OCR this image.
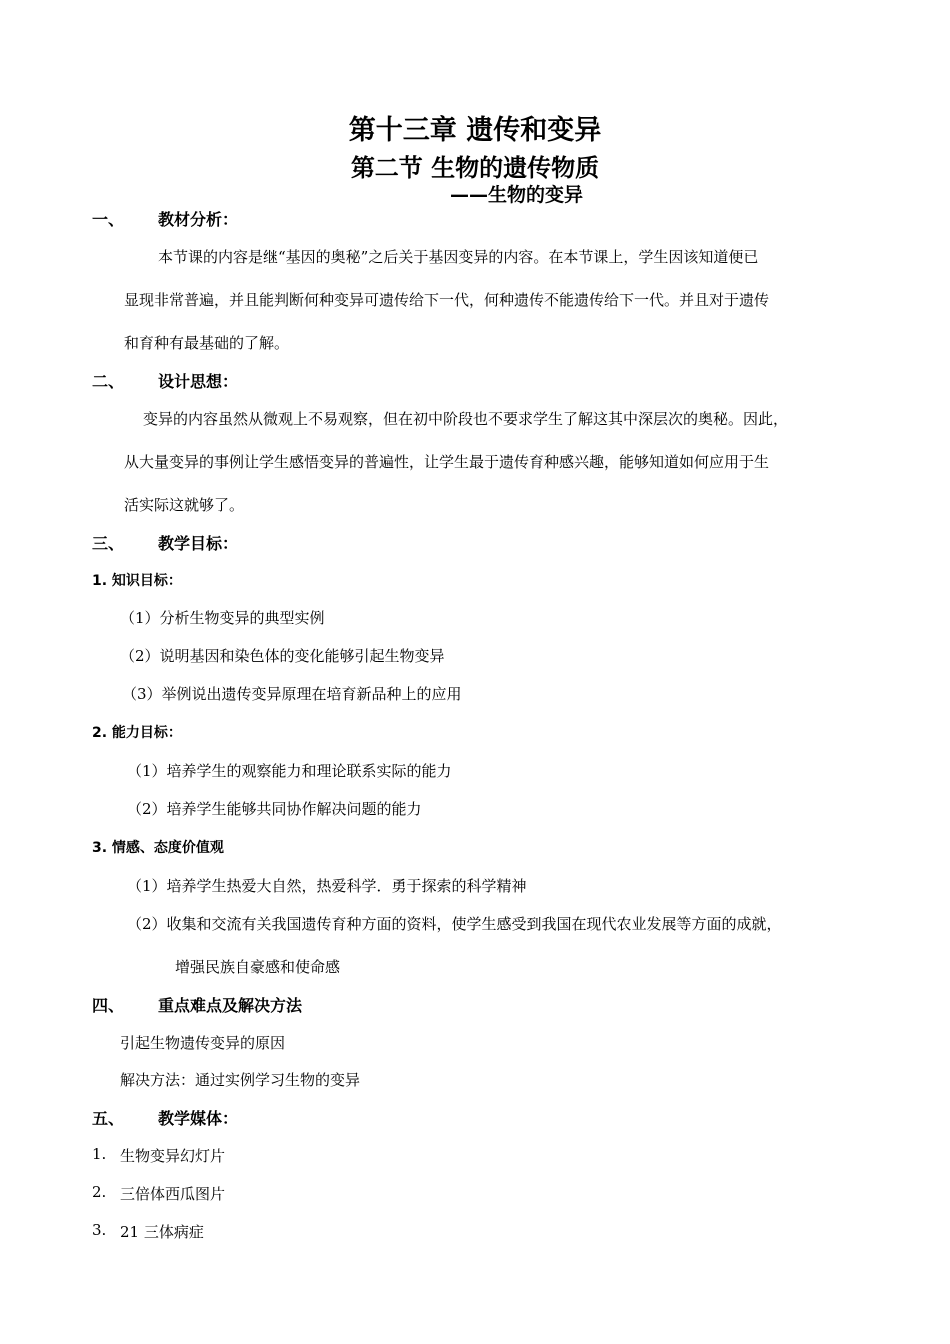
第十三章 遗传和变异
第二节 生物的遗传物质
——生物的变异
一、 教材分析：
本节课的内容是继“基因的奥秘”之后关于基因变异的内容。在本节课上，学生因该知道便已
显现非常普遍，并且能判断何种变异可遗传给下一代，何种遗传不能遗传给下一代。并且对于遗传
和育种有最基础的了解。
二、 设计思想：
变异的内容虽然从微观上不易观察，但在初中阶段也不要求学生了解这其中深层次的奥秘。因此，
从大量变异的事例让学生感悟变异的普遍性，让学生最于遗传育种感兴趣，能够知道如何应用于生
活实际这就够了。
三、 教学目标：
1. 知识目标：
（1）分析生物变异的典型实例
（2）说明基因和染色体的变化能够引起生物变异
（3）举例说出遗传变异原理在培育新品种上的应用
2. 能力目标：
（1）培养学生的观察能力和理论联系实际的能力
（2）培养学生能够共同协作解决问题的能力
3. 情感、态度价值观
（1）培养学生热爱大自然，热爱科学．勇于探索的科学精神
（2）收集和交流有关我国遗传育种方面的资料，使学生感受到我国在现代农业发展等方面的成就，
增强民族自豪感和使命感
四、 重点难点及解决方法
引起生物遗传变异的原因
解决方法：通过实例学习生物的变异
五、 教学媒体：
1. 生物变异幻灯片
2. 三倍体西瓜图片
3. 21 三体病症
